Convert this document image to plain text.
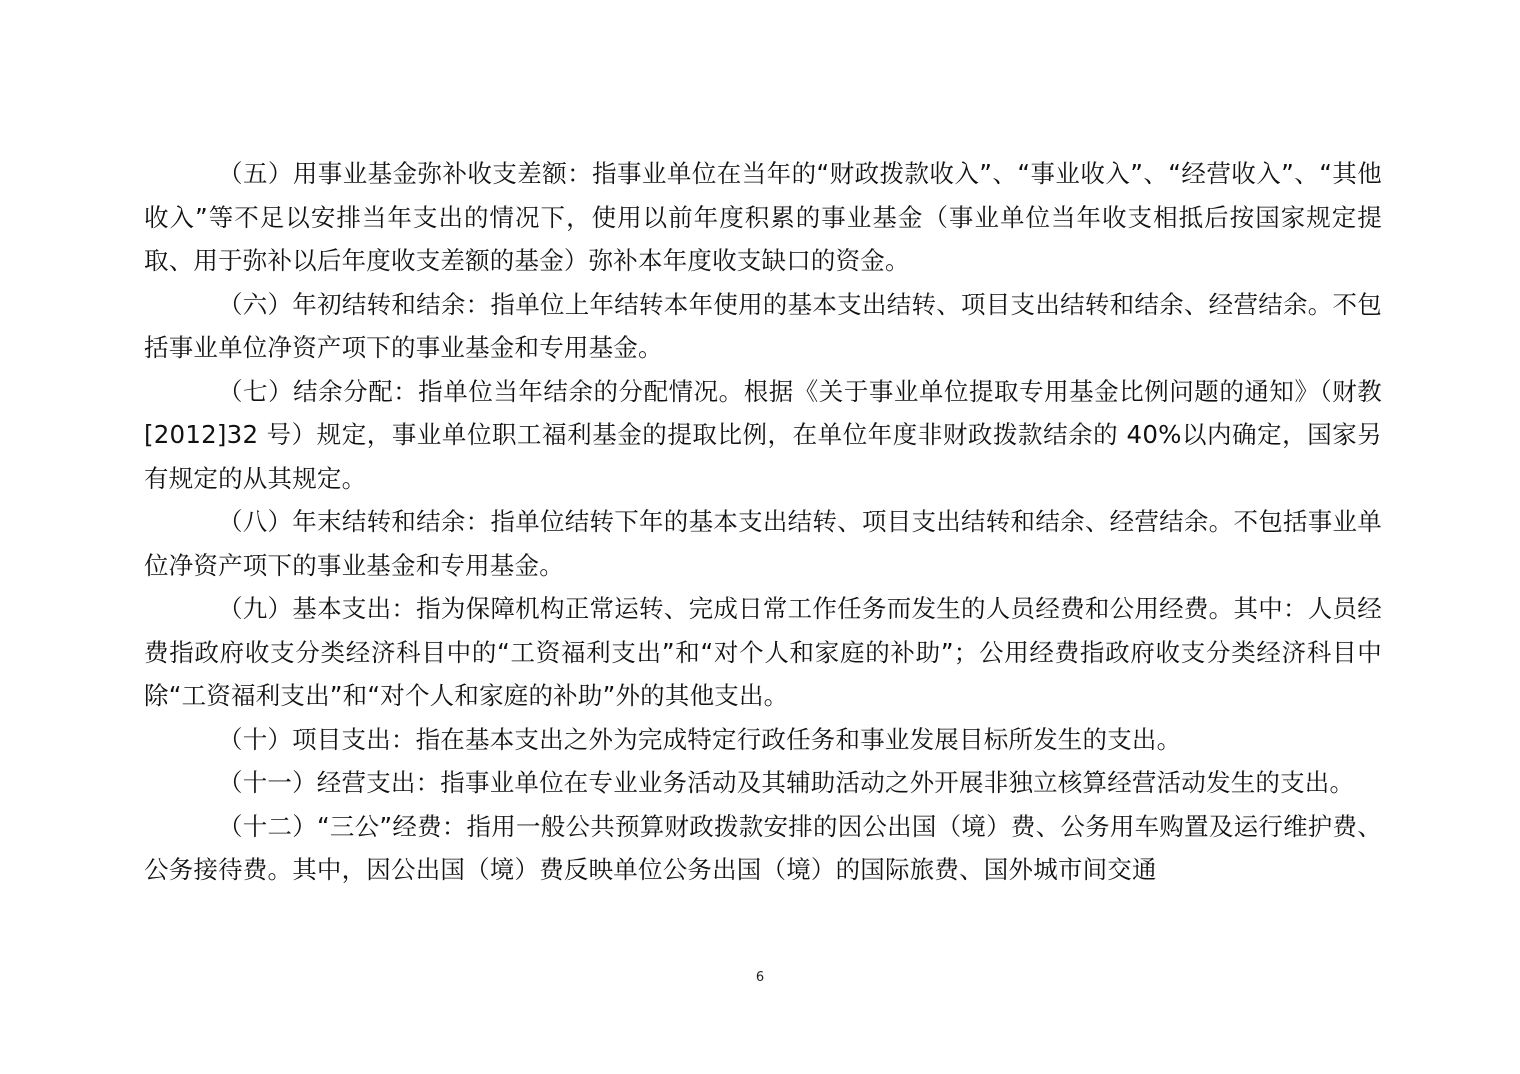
（五）用事业基金弥补收支差额：指事业单位在当年的“财政拨款收入”、“事业收入”、“经营收入”、“其他收入”等不足以安排当年支出的情况下，使用以前年度积累的事业基金（事业单位当年收支相抵后按国家规定提取、用于弥补以后年度收支差额的基金）弥补本年度收支缺口的资金。

（六）年初结转和结余：指单位上年结转本年使用的基本支出结转、项目支出结转和结余、经营结余。不包括事业单位净资产项下的事业基金和专用基金。

（七）结余分配：指单位当年结余的分配情况。根据《关于事业单位提取专用基金比例问题的通知》（财教[2012]32 号）规定，事业单位职工福利基金的提取比例，在单位年度非财政拨款结余的 40%以内确定，国家另有规定的从其规定。

（八）年末结转和结余：指单位结转下年的基本支出结转、项目支出结转和结余、经营结余。不包括事业单位净资产项下的事业基金和专用基金。

（九）基本支出：指为保障机构正常运转、完成日常工作任务而发生的人员经费和公用经费。其中：人员经费指政府收支分类经济科目中的“工资福利支出”和“对个人和家庭的补助”；公用经费指政府收支分类经济科目中除“工资福利支出”和“对个人和家庭的补助”外的其他支出。

（十）项目支出：指在基本支出之外为完成特定行政任务和事业发展目标所发生的支出。

（十一）经营支出：指事业单位在专业业务活动及其辅助活动之外开展非独立核算经营活动发生的支出。

（十二）“三公”经费：指用一般公共预算财政拨款安排的因公出国（境）费、公务用车购置及运行维护费、公务接待费。其中，因公出国（境）费反映单位公务出国（境）的国际旅费、国外城市间交通

6
